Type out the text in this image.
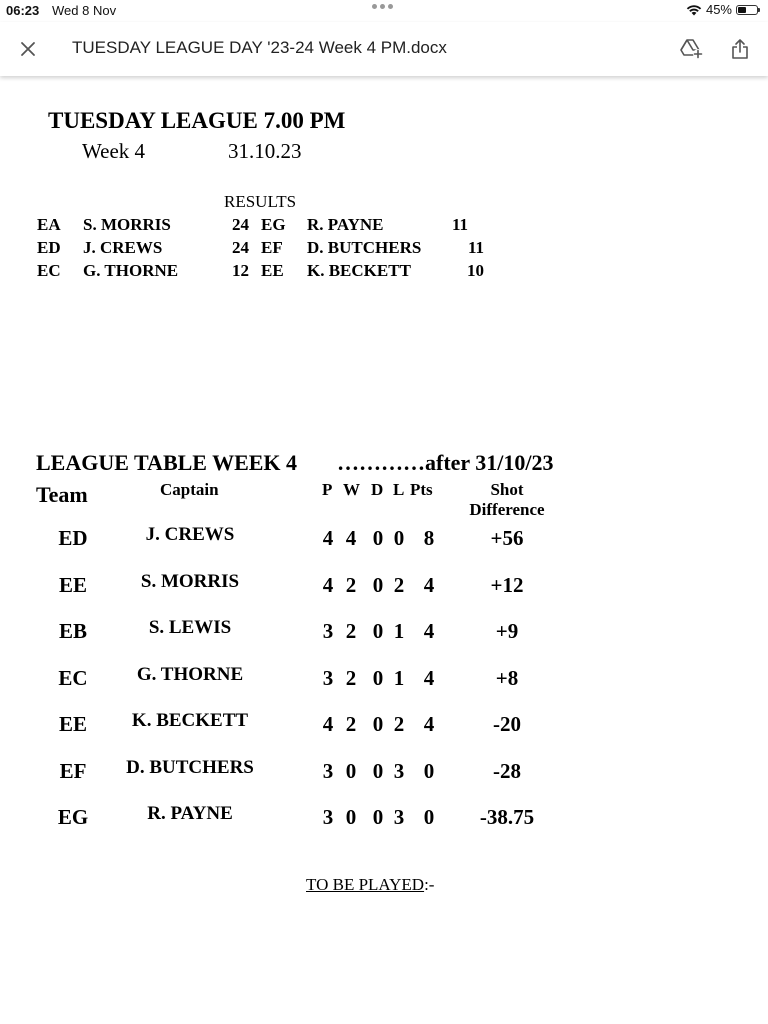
06:23 Wed 8 Nov	45%
TUESDAY LEAGUE DAY '23-24 Week 4 PM.docx
TUESDAY LEAGUE 7.00 PM
Week 4	31.10.23
RESULTS
EA S. MORRIS	24 EG R. PAYNE	11
ED J. CREWS	24 EF D. BUTCHERS	11
EC G. THORNE	12 EE K. BECKETT	10
LEAGUE TABLE WEEK 4 …………after 31/10/23
Team	Captain	P W D L Pts	Shot
Difference
ED	J. CREWS	4 4 0 0 8	+56
EE	S. MORRIS	4 2 0 2 4	+12
EB	S. LEWIS	3 2 0 1 4	+9
EC	G. THORNE	3 2 0 1 4	+8
EE	K. BECKETT	4 2 0 2 4	-20
EF	D. BUTCHERS	3 0 0 3 0	-28
EG	R. PAYNE	3 0 0 3 0	-38.75
TO BE PLAYED:-
